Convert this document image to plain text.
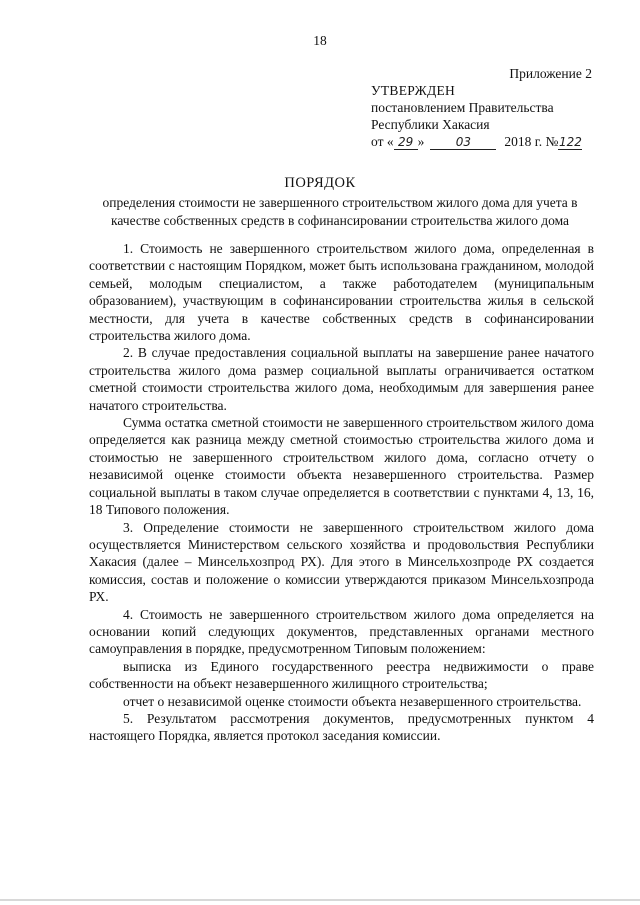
18
Приложение 2
УТВЕРЖДЕН
постановлением Правительства
Республики Хакасия
от « 29 »	03 2018 г. №122
ПОРЯДОК
определения стоимости не завершенного строительством жилого дома для учета в качестве собственных средств в софинансировании строительства жилого дома

1. Стоимость не завершенного строительством жилого дома, определенная в соответствии с настоящим Порядком, может быть использована гражданином, молодой семьей, молодым специалистом, а также работодателем (муниципальным образованием), участвующим в софинансировании строительства жилья в сельской местности, для учета в качестве собственных средств в софинансировании строительства жилого дома.

2. В случае предоставления социальной выплаты на завершение ранее начатого строительства жилого дома размер социальной выплаты ограничивается остатком сметной стоимости строительства жилого дома, необходимым для завершения ранее начатого строительства.

Сумма остатка сметной стоимости не завершенного строительством жилого дома определяется как разница между сметной стоимостью строительства жилого дома и стоимостью не завершенного строительством жилого дома, согласно отчету о независимой оценке стоимости объекта незавершенного строительства. Размер социальной выплаты в таком случае определяется в соответствии с пунктами 4, 13, 16, 18 Типового положения.

3. Определение стоимости не завершенного строительством жилого дома осуществляется Министерством сельского хозяйства и продовольствия Республики Хакасия (далее – Минсельхозпрод РХ). Для этого в Минсельхозпроде РХ создается комиссия, состав и положение о комиссии утверждаются приказом Минсельхозпрода РХ.

4. Стоимость не завершенного строительством жилого дома определяется на основании копий следующих документов, представленных органами местного самоуправления в порядке, предусмотренном Типовым положением:

выписка из Единого государственного реестра недвижимости о праве собственности на объект незавершенного жилищного строительства;

отчет о независимой оценке стоимости объекта незавершенного строительства.

5. Результатом рассмотрения документов, предусмотренных пунктом 4 настоящего Порядка, является протокол заседания комиссии.
